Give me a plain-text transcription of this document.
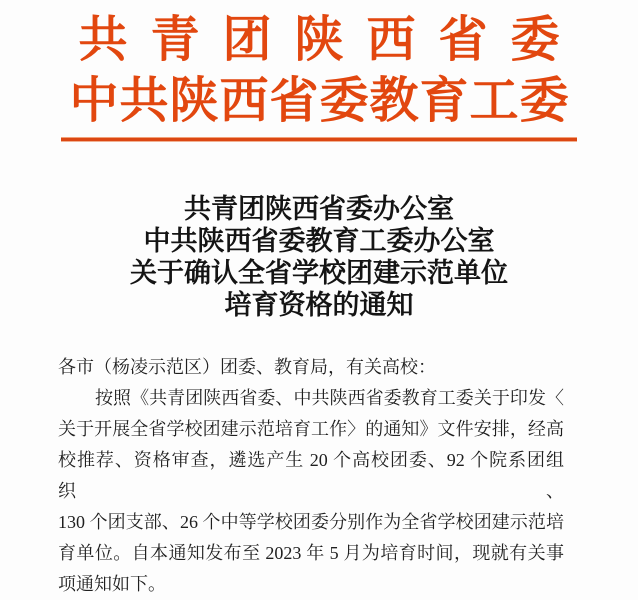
共青团陕西省委
中共陕西省委教育工委
共青团陕西省委办公室
中共陕西省委教育工委办公室
关于确认全省学校团建示范单位
培育资格的通知

各市（杨凌示范区）团委、教育局，有关高校：

按照《共青团陕西省委、中共陕西省委教育工委关于印发〈

关于开展全省学校团建示范培育工作〉的通知》文件安排，经高

校推荐、资格审查，遴选产生 20 个高校团委、92 个院系团组织、

130 个团支部、26 个中等学校团委分别作为全省学校团建示范培

育单位。自本通知发布至 2023 年 5 月为培育时间，现就有关事

项通知如下。
